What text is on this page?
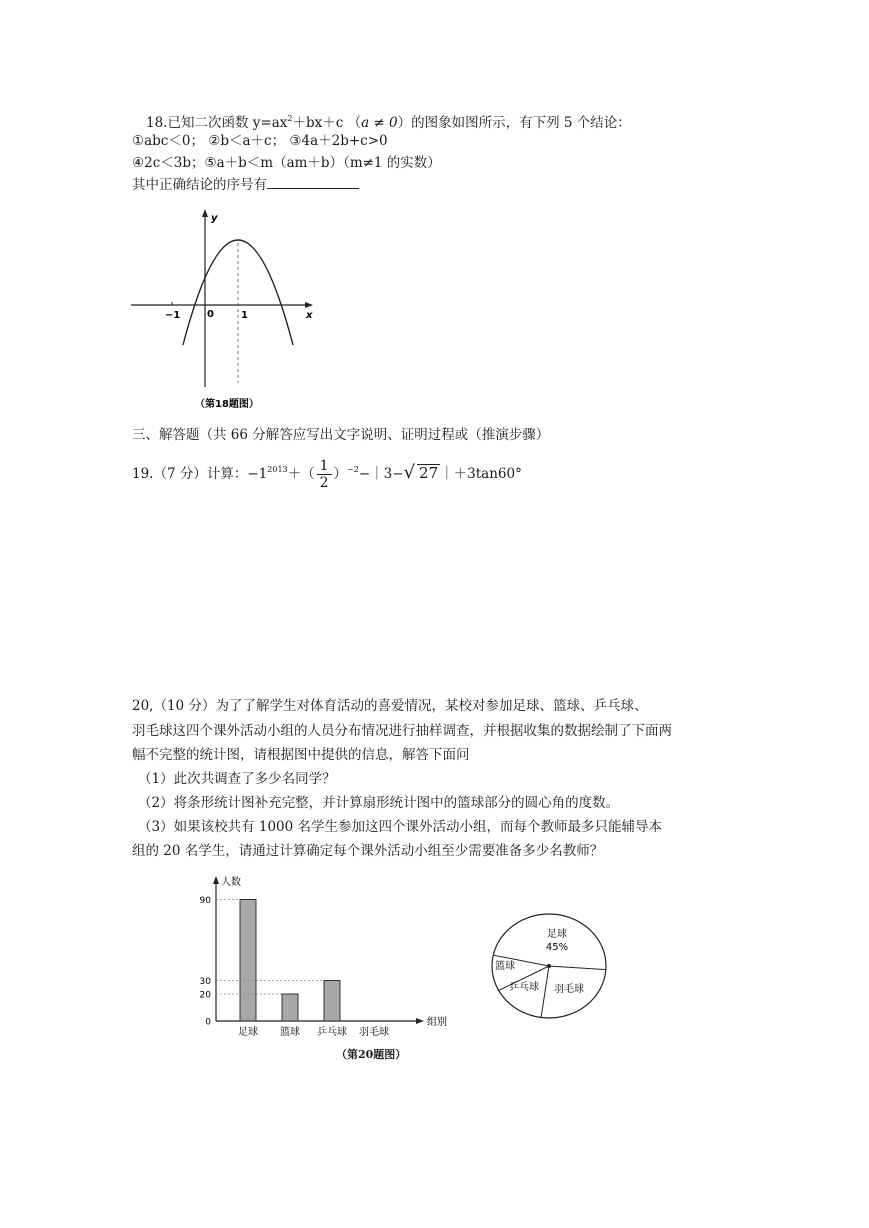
18.已知二次函数 $y=ax^2+bx+c$ （a ≠ 0）的图象如图所示，有下列 5 个结论：
①abc＜0； ②b＜a＋c； ③4a＋2b+c>0
④2c＜3b；⑤a＋b＜m（am＋b）（m≠1 的实数）
其中正确结论的序号有
−1	0	1	x
y
（第18题图）
三、解答题（共 66 分解答应写出文字说明、证明过程或（推演步骤）
19.（7 分）计算：$-1^{2013}+( \frac{1}{2}$ ）$^{-2}-|3-√$ 27 ｜＋3tan60°
20,（10 分）为了了解学生对体育活动的喜爱情况，某校对参加足球、篮球、乒乓球、
羽毛球这四个课外活动小组的人员分布情况进行抽样调查，并根据收集的数据绘制了下面两
幅不完整的统计图，请根据图中提供的信息，解答下面问
（1）此次共调查了多少名同学？
（2）将条形统计图补充完整，并计算扇形统计图中的篮球部分的圆心角的度数。
（3）如果该校共有 1000 名学生参加这四个课外活动小组，而每个教师最多只能辅导本
组的 20 名学生，请通过计算确定每个课外活动小组至少需要准备多少名教师？
人数
组别
0
20
30
90
足球 篮球 乒乓球 羽毛球
足球
篮球
乒乓球 羽毛球
45%
（第20题图）
